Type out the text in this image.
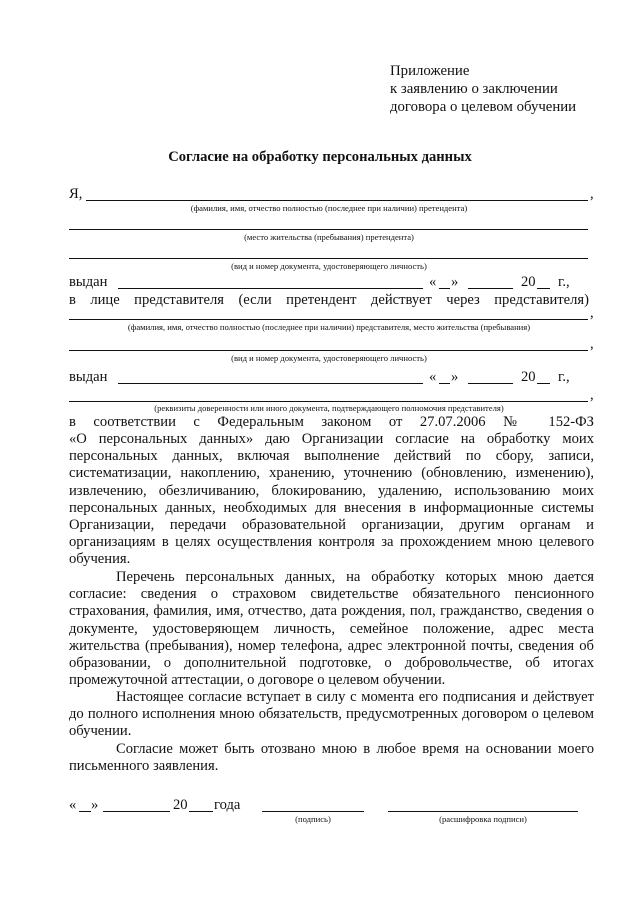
Приложение
к заявлению о заключении
договора о целевом обучении
Согласие на обработку персональных данных
Я,	,
(фамилия, имя, отчество полностью (последнее при наличии) претендента)
(место жительства (пребывания) претендента)
(вид и номер документа, удостоверяющего личность)
выдан	« »	20 г.,
в лице представителя (если претендент действует через представителя)
,
(фамилия, имя, отчество полностью (последнее при наличии) представителя, место жительства (пребывания)
,
(вид и номер документа, удостоверяющего личность)
выдан	« »	20 г.,
,
(реквизиты доверенности или иного документа, подтверждающего полномочия представителя)
в соответствии с Федеральным законом от 27.07.2006 № 152-ФЗ
«О персональных данных» даю Организации согласие на обработку моих персональных данных, включая выполнение действий по сбору, записи, систематизации, накоплению, хранению, уточнению (обновлению, изменению), извлечению, обезличиванию, блокированию, удалению, использованию моих персональных данных, необходимых для внесения в информационные системы Организации, передачи образовательной организации, другим органам и организациям в целях осуществления контроля за прохождением мною целевого обучения.
Перечень персональных данных, на обработку которых мною дается согласие: сведения о страховом свидетельстве обязательного пенсионного страхования, фамилия, имя, отчество, дата рождения, пол, гражданство, сведения о документе, удостоверяющем личность, семейное положение, адрес места жительства (пребывания), номер телефона, адрес электронной почты, сведения об образовании, о дополнительной подготовке, о добровольчестве, об итогах промежуточной аттестации, о договоре о целевом обучении.
Настоящее согласие вступает в силу с момента его подписания и действует до полного исполнения мною обязательств, предусмотренных договором о целевом обучении.
Согласие может быть отозвано мною в любое время на основании моего письменного заявления.
« »	20 года
(подпись)	(расшифровка подписи)
